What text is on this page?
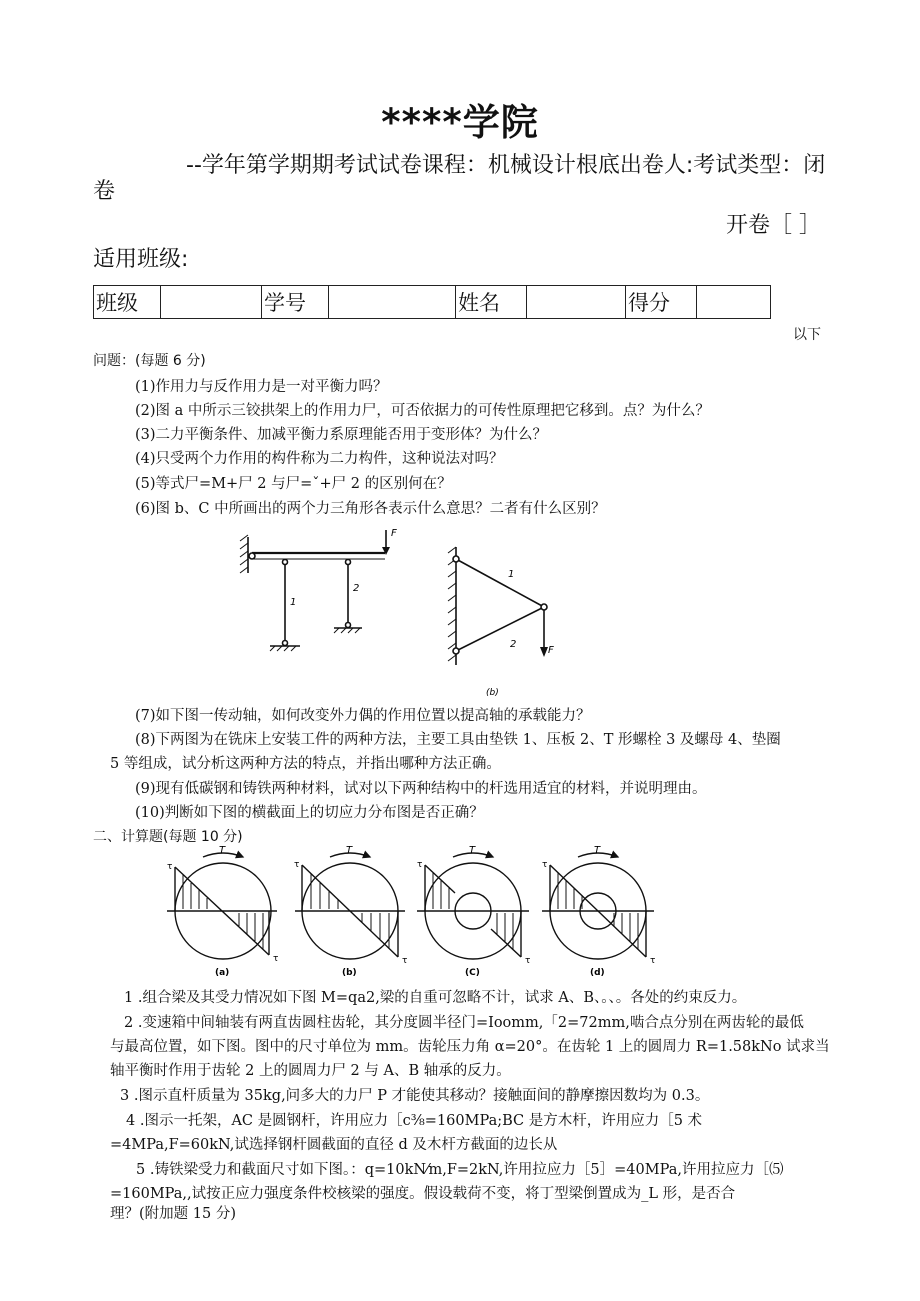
****学院
--学年第学期期考试试卷课程：机械设计根底出卷人:考试类型：闭
卷
开卷［ ］
适用班级:
班级		学号		姓名		得分	
以下
问题：(每题 6 分)
(1)作用力与反作用力是一对平衡力吗？
(2)图 a 中所示三铰拱架上的作用力尸，可否依据力的可传性原理把它移到。点？为什么？
(3)二力平衡条件、加减平衡力系原理能否用于变形体？为什么？
(4)只受两个力作用的构件称为二力构件，这种说法对吗？
(5)等式尸=M+尸 2 与尸=ˇ+尸 2 的区别何在？
(6)图 b、C 中所画出的两个力三角形各表示什么意思？二者有什么区别？
F
1
2
1
2
F
(b)
(7)如下图一传动轴，如何改变外力偶的作用位置以提高轴的承载能力？
(8)下两图为在铣床上安装工件的两种方法，主要工具由垫铁 1、压板 2、T 形螺栓 3 及螺母 4、垫圈
5 等组成，试分析这两种方法的特点，并指出哪种方法正确。
(9)现有低碳钢和铸铁两种材料，试对以下两种结构中的杆选用适宜的材料，并说明理由。
(10)判断如下图的横截面上的切应力分布图是否正确？
二、计算题(每题 10 分)
T	T	T	T
τ
τ
τ
τ
τ
τ
τ
τ
(a)	(b)	(C)	(d)
1 .组合梁及其受力情况如下图 M=qa2,梁的自重可忽略不计，试求 A、B、。、。各处的约束反力。
2 .变速箱中间轴装有两直齿圆柱齿轮，其分度圆半径门=Ioomm,「2=72mm,啮合点分别在两齿轮的最低
与最高位置，如下图。图中的尺寸单位为 mm。齿轮压力角 α=20°。在齿轮 1 上的圆周力 R=1.58kNo 试求当
轴平衡时作用于齿轮 2 上的圆周力尸 2 与 A、B 轴承的反力。
3 .图示直杆质量为 35kg,问多大的力尸 P 才能使其移动？接触面间的静摩擦因数均为 0.3。
4 .图示一托架，AC 是圆钢杆，许用应力［c⅜=160MPa;BC 是方木杆，许用应力［5 术
=4MPa,F=60kN,试选择钢杆圆截面的直径 d 及木杆方截面的边长从
5 .铸铁梁受力和截面尺寸如下图。：q=10kN⁄m,F=2kN,许用拉应力［5］=40MPa,许用拉应力［⑸
=160MPa,,试按正应力强度条件校核梁的强度。假设载荷不变，将丁型梁倒置成为_L 形，是否合
理？(附加题 15 分)
